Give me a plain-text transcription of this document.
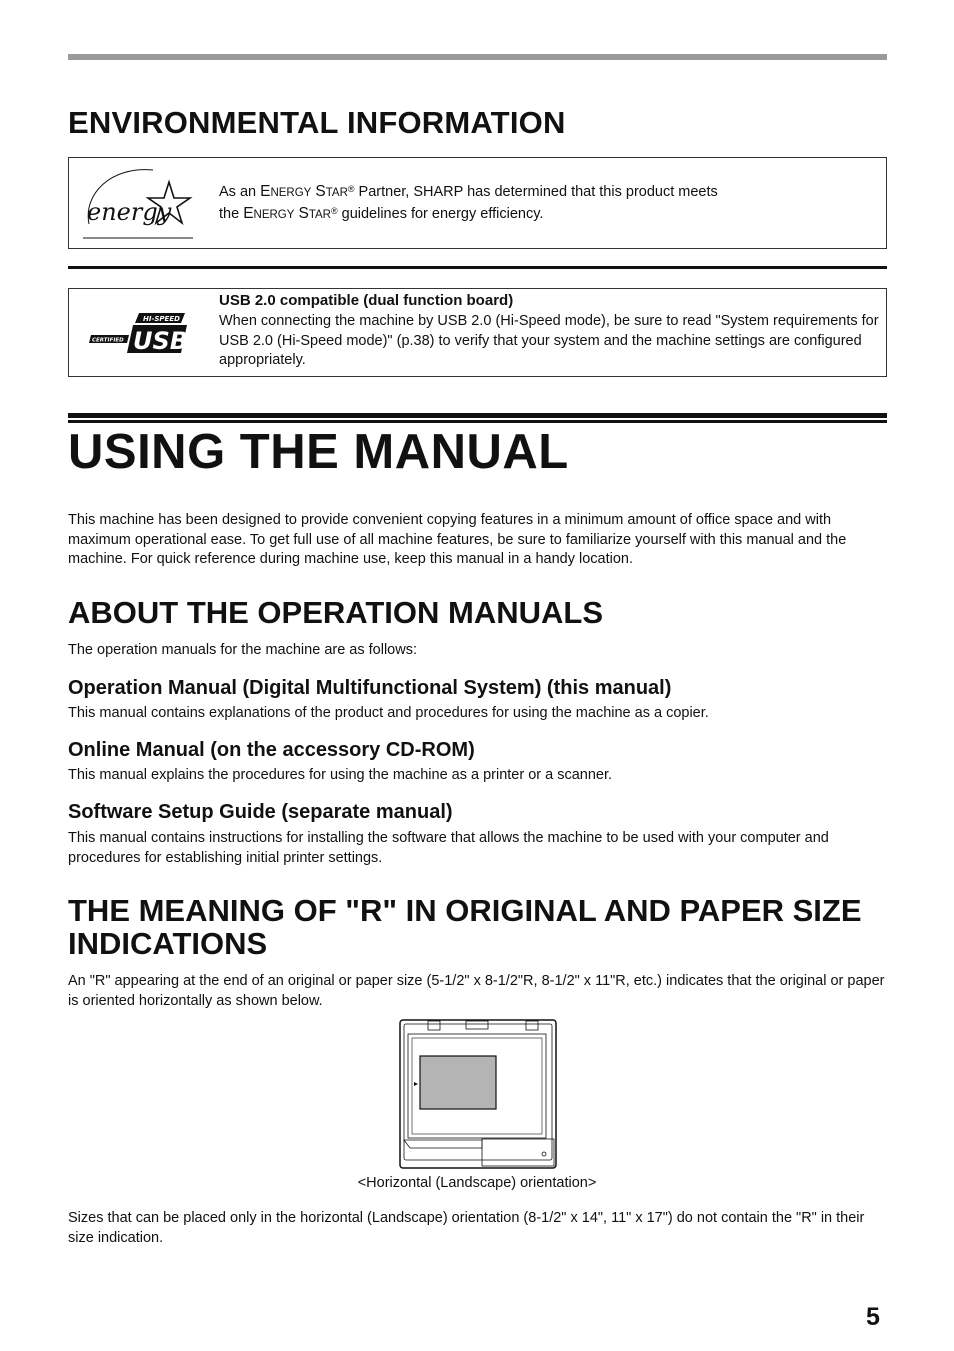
ENVIRONMENTAL INFORMATION
energy
As an ENERGY STAR® Partner, SHARP has determined that this product meets
the ENERGY STAR® guidelines for energy efficiency.
HI-SPEED
CERTIFIED USB
USB 2.0 compatible (dual function board)

When connecting the machine by USB 2.0 (Hi-Speed mode), be sure to read "System requirements for USB 2.0 (Hi-Speed mode)" (p.38) to verify that your system and the machine settings are configured appropriately.

USING THE MANUAL

This machine has been designed to provide convenient copying features in a minimum amount of office space and with maximum operational ease. To get full use of all machine features, be sure to familiarize yourself with this manual and the machine. For quick reference during machine use, keep this manual in a handy location.

ABOUT THE OPERATION MANUALS

The operation manuals for the machine are as follows:

Operation Manual (Digital Multifunctional System) (this manual)

This manual contains explanations of the product and procedures for using the machine as a copier.

Online Manual (on the accessory CD-ROM)

This manual explains the procedures for using the machine as a printer or a scanner.

Software Setup Guide (separate manual)

This manual contains instructions for installing the software that allows the machine to be used with your computer and procedures for establishing initial printer settings.

THE MEANING OF "R" IN ORIGINAL AND PAPER SIZE
INDICATIONS

An "R" appearing at the end of an original or paper size (5-1/2" x 8-1/2"R, 8-1/2" x 11"R, etc.) indicates that the original or paper is oriented horizontally as shown below.

<Horizontal (Landscape) orientation>

Sizes that can be placed only in the horizontal (Landscape) orientation (8-1/2" x 14", 11" x 17") do not contain the "R" in their size indication.

5
